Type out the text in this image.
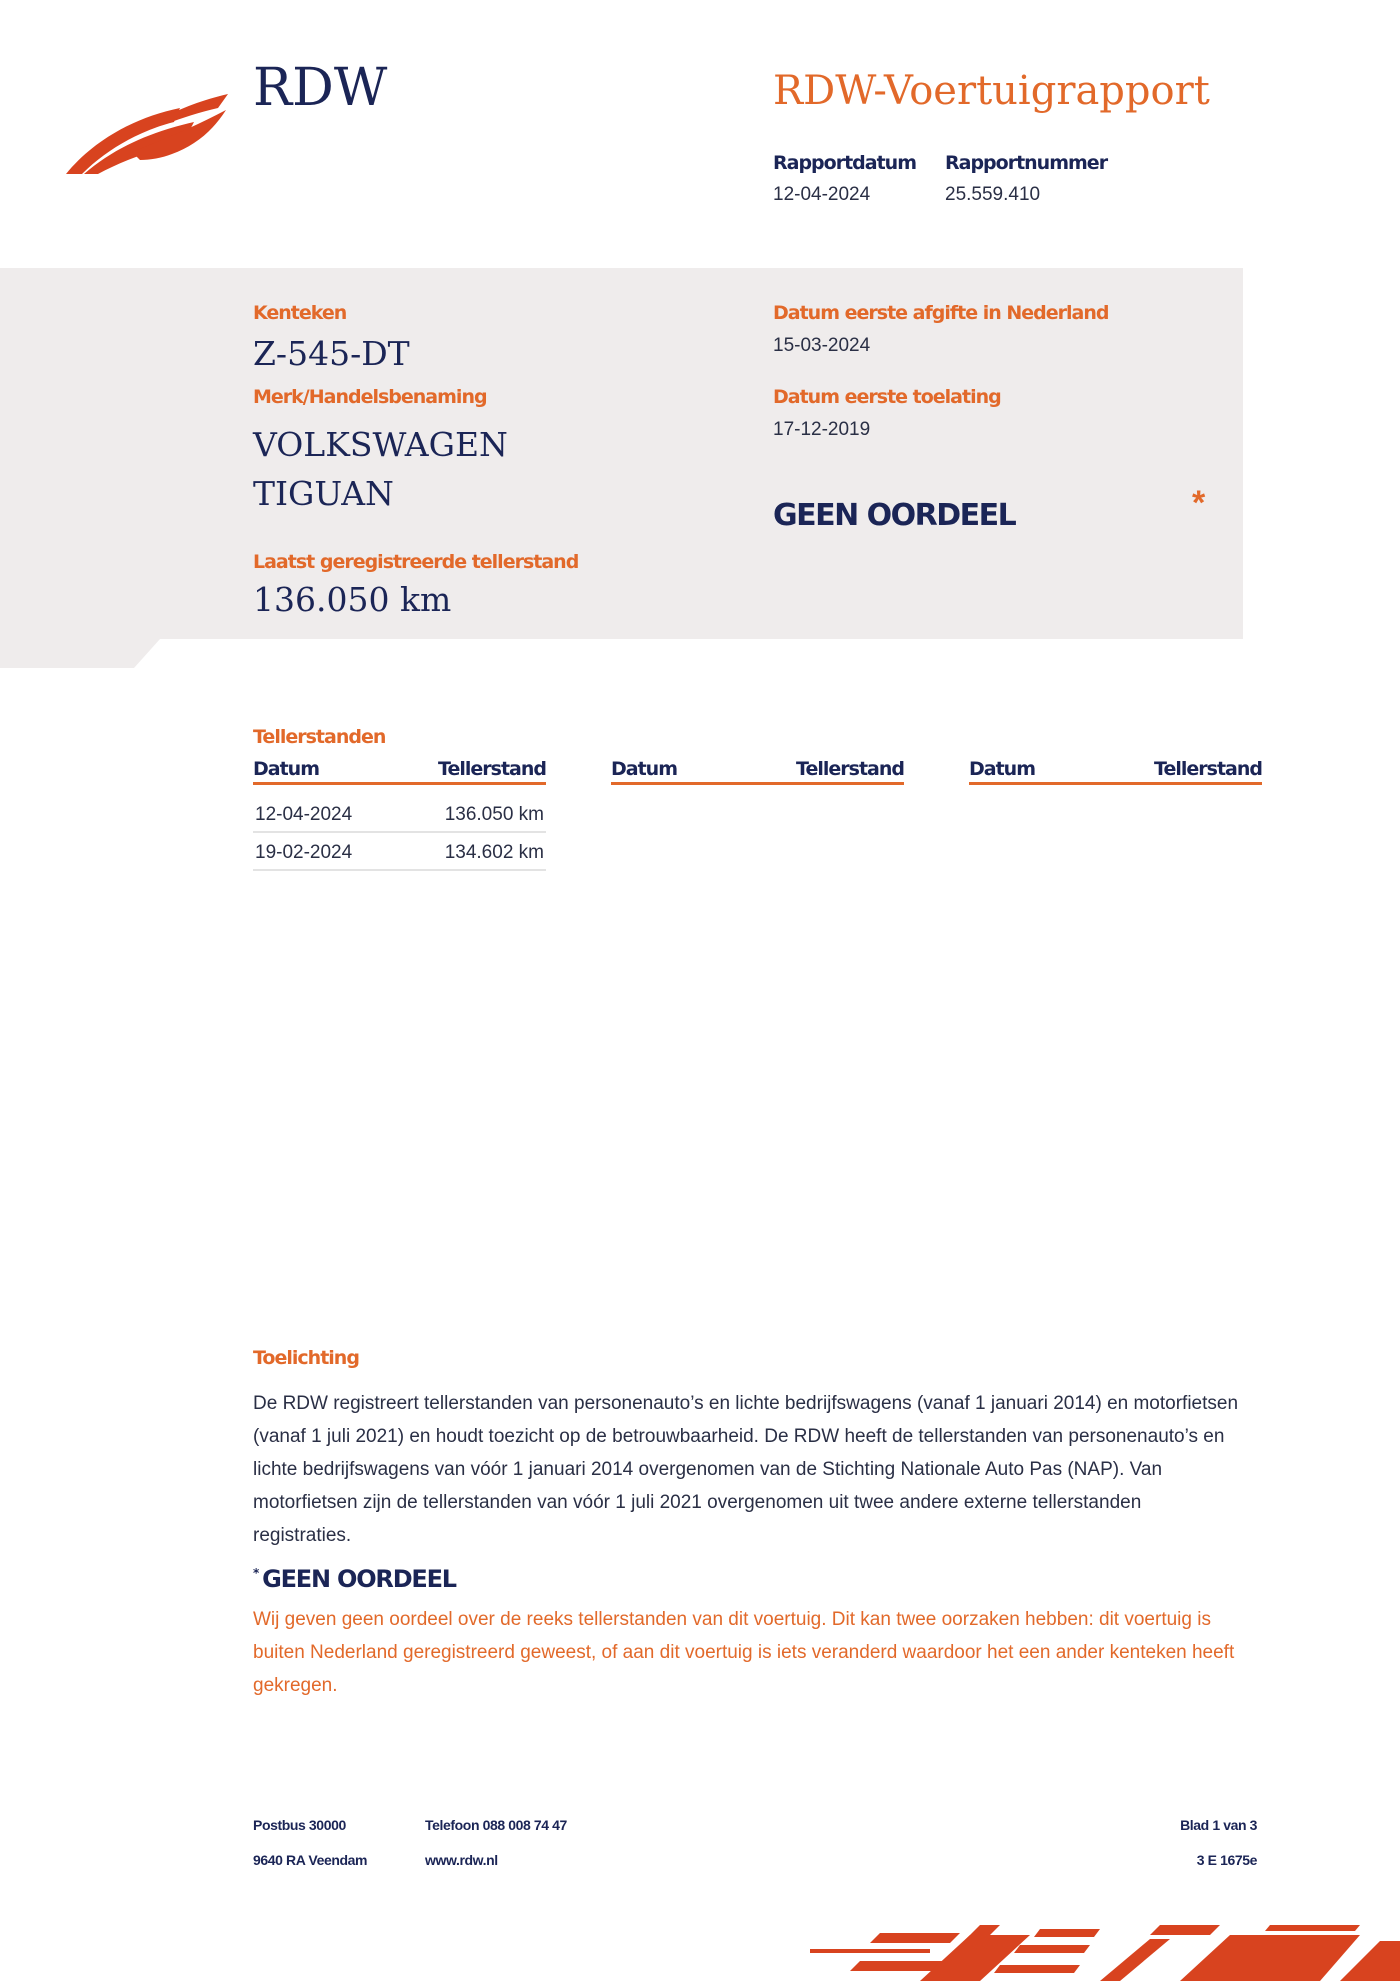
RDW	RDW-Voertuigrapport
Rapportdatum
12-04-2024
Rapportnummer
25.559.410
Kenteken
Z-545-DT
Merk/Handelsbenaming
VOLKSWAGEN
TIGUAN
Laatst geregistreerde tellerstand
136.050 km
Datum eerste afgifte in Nederland
15-03-2024
Datum eerste toelating
17-12-2019
GEEN OORDEEL	*
Tellerstanden
Datum	Tellerstand	Datum	Tellerstand	Datum	Tellerstand
12-04-2024	136.050 km
19-02-2024	134.602 km
Toelichting
De RDW registreert tellerstanden van personenauto’s en lichte bedrijfswagens (vanaf 1 januari 2014) en motorfietsen (vanaf 1 juli 2021) en houdt toezicht op de betrouwbaarheid. De RDW heeft de tellerstanden van personenauto’s en lichte bedrijfswagens van vóór 1 januari 2014 overgenomen van de Stichting Nationale Auto Pas (NAP). Van motorfietsen zijn de tellerstanden van vóór 1 juli 2021 overgenomen uit twee andere externe tellerstanden registraties.
* GEEN OORDEEL
Wij geven geen oordeel over de reeks tellerstanden van dit voertuig. Dit kan twee oorzaken hebben: dit voertuig is buiten Nederland geregistreerd geweest, of aan dit voertuig is iets veranderd waardoor het een ander kenteken heeft gekregen.
Postbus 30000
9640 RA Veendam
Telefoon 088 008 74 47
www.rdw.nl
Blad 1 van 3
3 E 1675e
